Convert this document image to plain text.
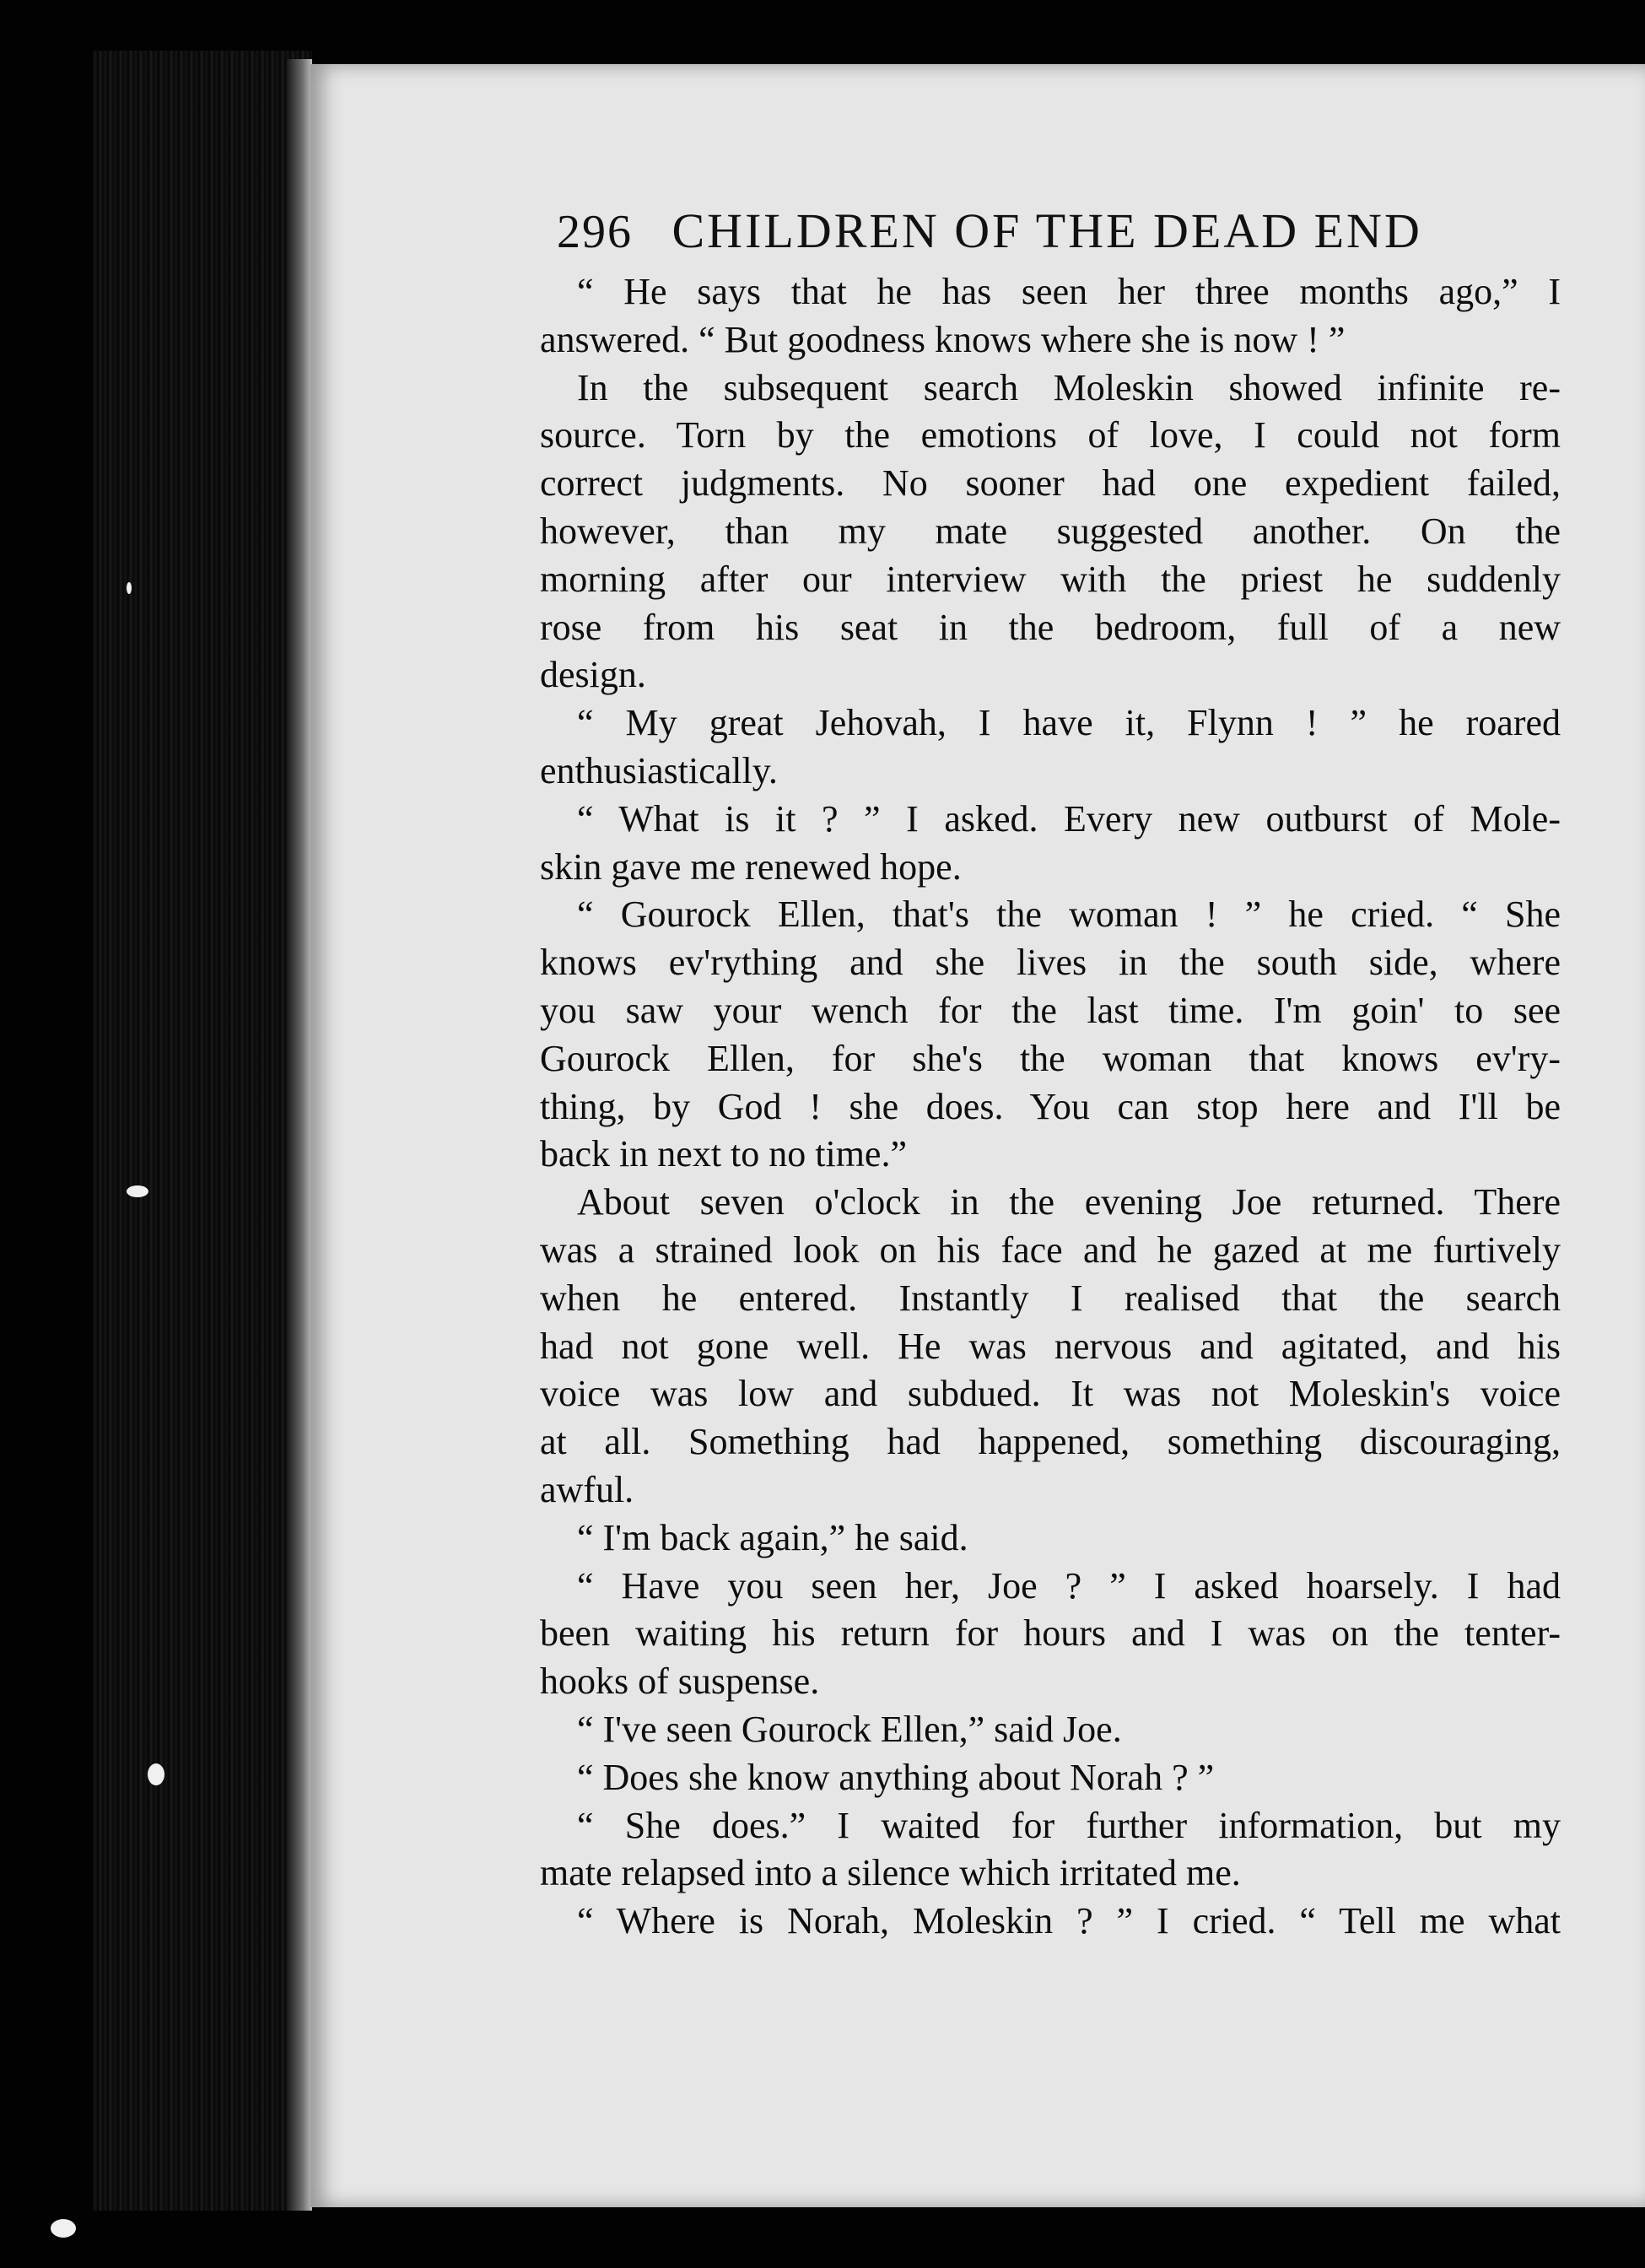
296 CHILDREN OF THE DEAD END
“ He says that he has seen her three months ago,” I
answered. “ But goodness knows where she is now ! ”
In the subsequent search Moleskin showed infinite re-
source. Torn by the emotions of love, I could not form
correct judgments. No sooner had one expedient failed,
however, than my mate suggested another. On the
morning after our interview with the priest he suddenly
rose from his seat in the bedroom, full of a new
design.
“ My great Jehovah, I have it, Flynn ! ” he roared
enthusiastically.
“ What is it ? ” I asked. Every new outburst of Mole-
skin gave me renewed hope.
“ Gourock Ellen, that's the woman ! ” he cried. “ She
knows ev'rything and she lives in the south side, where
you saw your wench for the last time. I'm goin' to see
Gourock Ellen, for she's the woman that knows ev'ry-
thing, by God ! she does. You can stop here and I'll be
back in next to no time.”
About seven o'clock in the evening Joe returned. There
was a strained look on his face and he gazed at me furtively
when he entered. Instantly I realised that the search
had not gone well. He was nervous and agitated, and his
voice was low and subdued. It was not Moleskin's voice
at all. Something had happened, something discouraging,
awful.
“ I'm back again,” he said.
“ Have you seen her, Joe ? ” I asked hoarsely. I had
been waiting his return for hours and I was on the tenter-
hooks of suspense.
“ I've seen Gourock Ellen,” said Joe.
“ Does she know anything about Norah ? ”
“ She does.” I waited for further information, but my
mate relapsed into a silence which irritated me.
“ Where is Norah, Moleskin ? ” I cried. “ Tell me what
